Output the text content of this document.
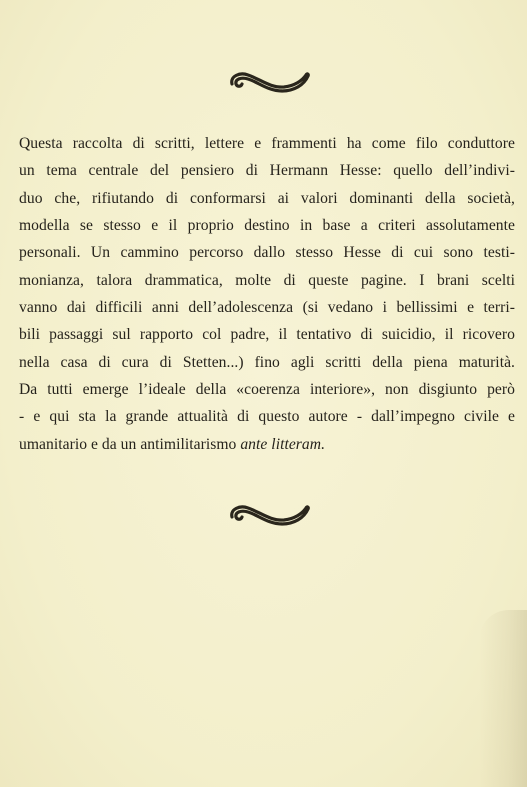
Questa raccolta di scritti, lettere e frammenti ha come filo conduttore
un tema centrale del pensiero di Hermann Hesse: quello dell’indivi-
duo che, rifiutando di conformarsi ai valori dominanti della società,
modella se stesso e il proprio destino in base a criteri assolutamente
personali. Un cammino percorso dallo stesso Hesse di cui sono testi-
monianza, talora drammatica, molte di queste pagine. I brani scelti
vanno dai difficili anni dell’adolescenza (si vedano i bellissimi e terri-
bili passaggi sul rapporto col padre, il tentativo di suicidio, il ricovero
nella casa di cura di Stetten...) fino agli scritti della piena maturità.
Da tutti emerge l’ideale della «coerenza interiore», non disgiunto però
- e qui sta la grande attualità di questo autore - dall’impegno civile e
umanitario e da un antimilitarismo ante litteram.
